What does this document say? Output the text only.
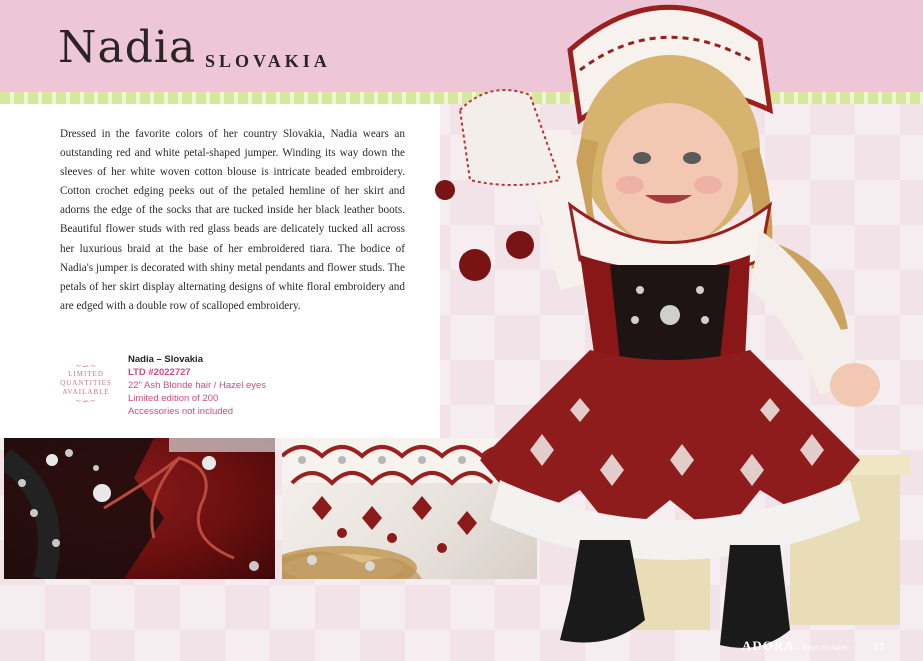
Nadia SLOVAKIA
Dressed in the favorite colors of her country Slovakia, Nadia wears an outstanding red and white petal-shaped jumper. Winding its way down the sleeves of her white woven cotton blouse is intricate beaded embroidery. Cotton crochet edging peeks out of the petaled hemline of her skirt and adorns the edge of the socks that are tucked inside her black leather boots. Beautiful flower studs with red glass beads are delicately tucked all across her luxurious braid at the base of her embroidered tiara. The bodice of Nadia's jumper is decorated with shiny metal pendants and flower studs. The petals of her skirt display alternating designs of white floral embroidery and are edged with a double row of scalloped embroidery.
~∽~
LIMITED
QUANTITIES
AVAILABLE
~∽~
Nadia – Slovakia
LTD #2022727
22" Ash Blonde hair / Hazel eyes
Limited edition of 200
Accessories not included
ADORA. Yours to Adore. 23
